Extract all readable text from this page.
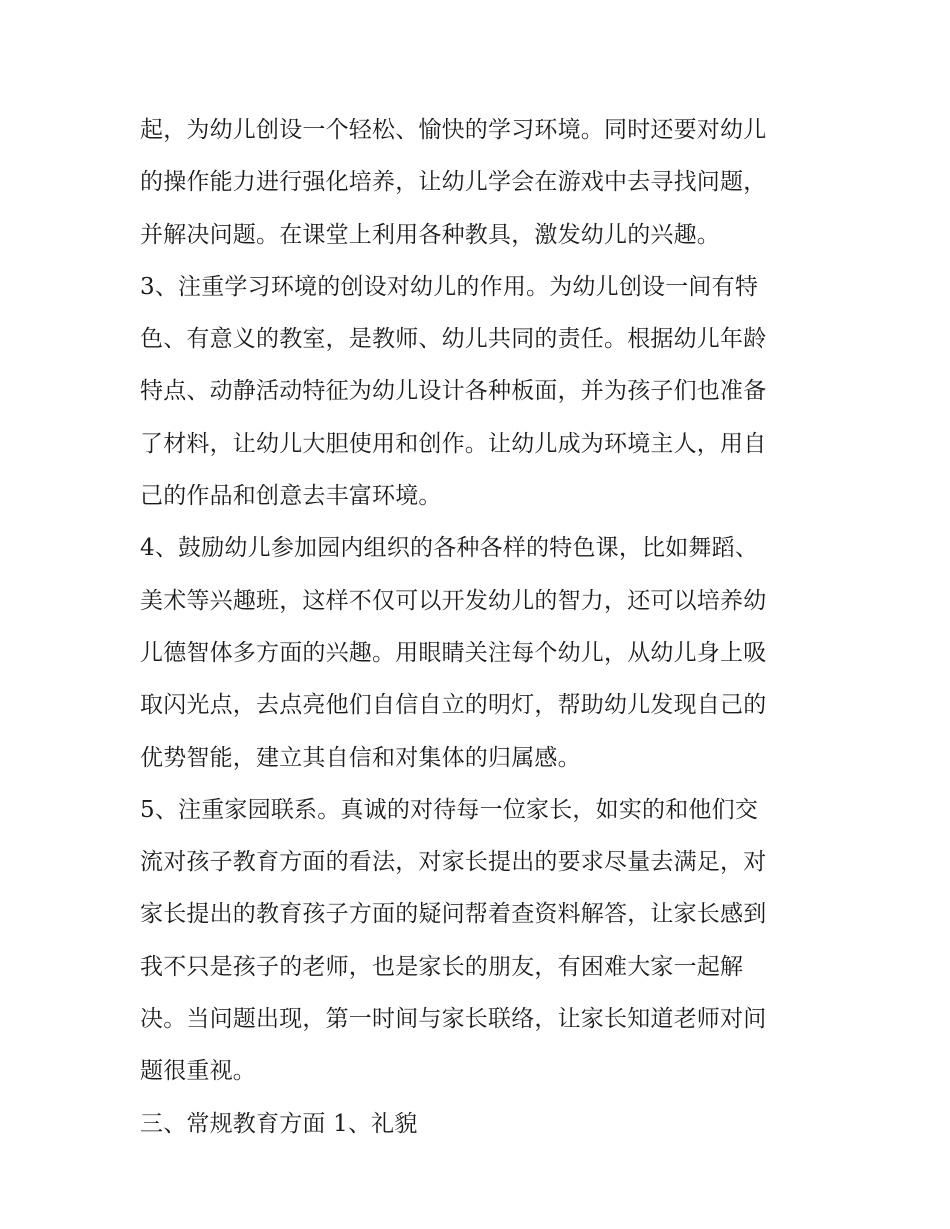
起，为幼儿创设一个轻松、愉快的学习环境。同时还要对幼儿
的操作能力进行强化培养，让幼儿学会在游戏中去寻找问题，
并解决问题。在课堂上利用各种教具，激发幼儿的兴趣。
3、注重学习环境的创设对幼儿的作用。为幼儿创设一间有特
色、有意义的教室，是教师、幼儿共同的责任。根据幼儿年龄
特点、动静活动特征为幼儿设计各种板面，并为孩子们也准备
了材料，让幼儿大胆使用和创作。让幼儿成为环境主人，用自
己的作品和创意去丰富环境。
4、鼓励幼儿参加园内组织的各种各样的特色课，比如舞蹈、
美术等兴趣班，这样不仅可以开发幼儿的智力，还可以培养幼
儿德智体多方面的兴趣。用眼睛关注每个幼儿，从幼儿身上吸
取闪光点，去点亮他们自信自立的明灯，帮助幼儿发现自己的
优势智能，建立其自信和对集体的归属感。
5、注重家园联系。真诚的对待每一位家长，如实的和他们交
流对孩子教育方面的看法，对家长提出的要求尽量去满足，对
家长提出的教育孩子方面的疑问帮着查资料解答，让家长感到
我不只是孩子的老师，也是家长的朋友，有困难大家一起解
决。当问题出现，第一时间与家长联络，让家长知道老师对问
题很重视。
三、常规教育方面 1、礼貌
